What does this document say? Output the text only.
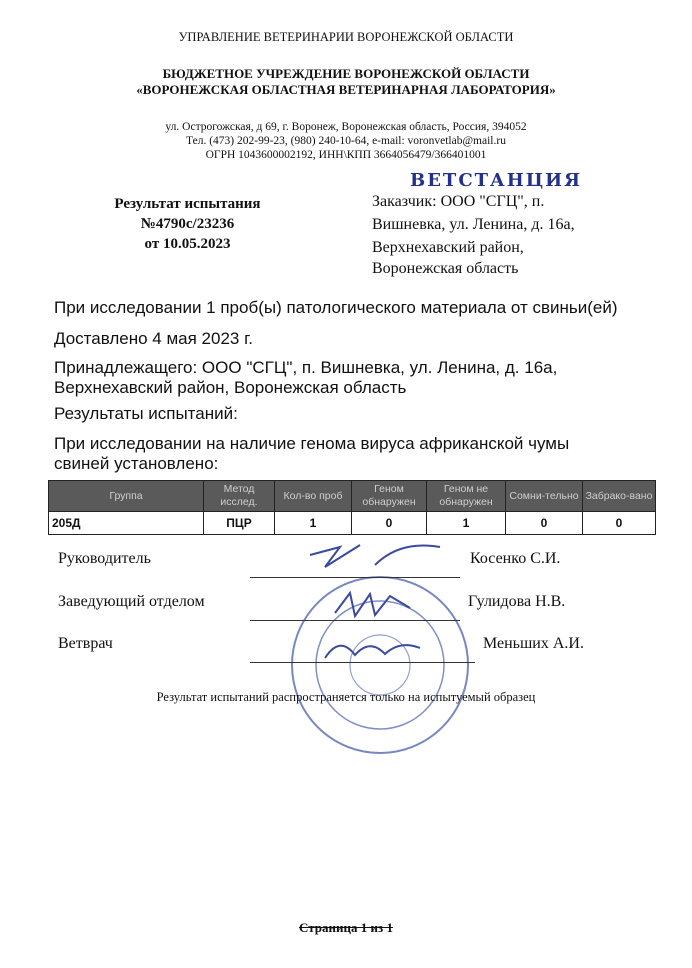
УПРАВЛЕНИЕ ВЕТЕРИНАРИИ ВОРОНЕЖСКОЙ ОБЛАСТИ
БЮДЖЕТНОЕ УЧРЕЖДЕНИЕ ВОРОНЕЖСКОЙ ОБЛАСТИ
«ВОРОНЕЖСКАЯ ОБЛАСТНАЯ ВЕТЕРИНАРНАЯ ЛАБОРАТОРИЯ»
ул. Острогожская, д 69, г. Воронеж, Воронежская область, Россия, 394052
Тел. (473) 202-99-23, (980) 240-10-64, e-mail: voronvetlab@mail.ru
ОГРН 1043600002192, ИНН\КПП 3664056479/366401001
ВЕТСТАНЦИЯ
Результат испытания
№4790с/23236
от 10.05.2023
Заказчик: ООО "СГЦ", п.
Вишневка, ул. Ленина, д. 16а,
Верхнехавский район,
Воронежская область
При исследовании 1 проб(ы) патологического материала от свиньи(ей)
Доставлено 4 мая 2023 г.
Принадлежащего: ООО "СГЦ", п. Вишневка, ул. Ленина, д. 16а,
Верхнехавский район, Воронежская область
Результаты испытаний:
При исследовании на наличие генома вируса африканской чумы
свиней установлено:
Группа	Метод исслед.	Кол-во проб	Геном обнаружен	Геном не обнаружен	Сомни-тельно	Забрако-вано
205Д	ПЦР	1	0	1	0	0
Руководитель	Косенко С.И.
Заведующий отделом	Гулидова Н.В.
Ветврач	Меньших А.И.
Результат испытаний распространяется только на испытуемый образец
Страница 1 из 1
